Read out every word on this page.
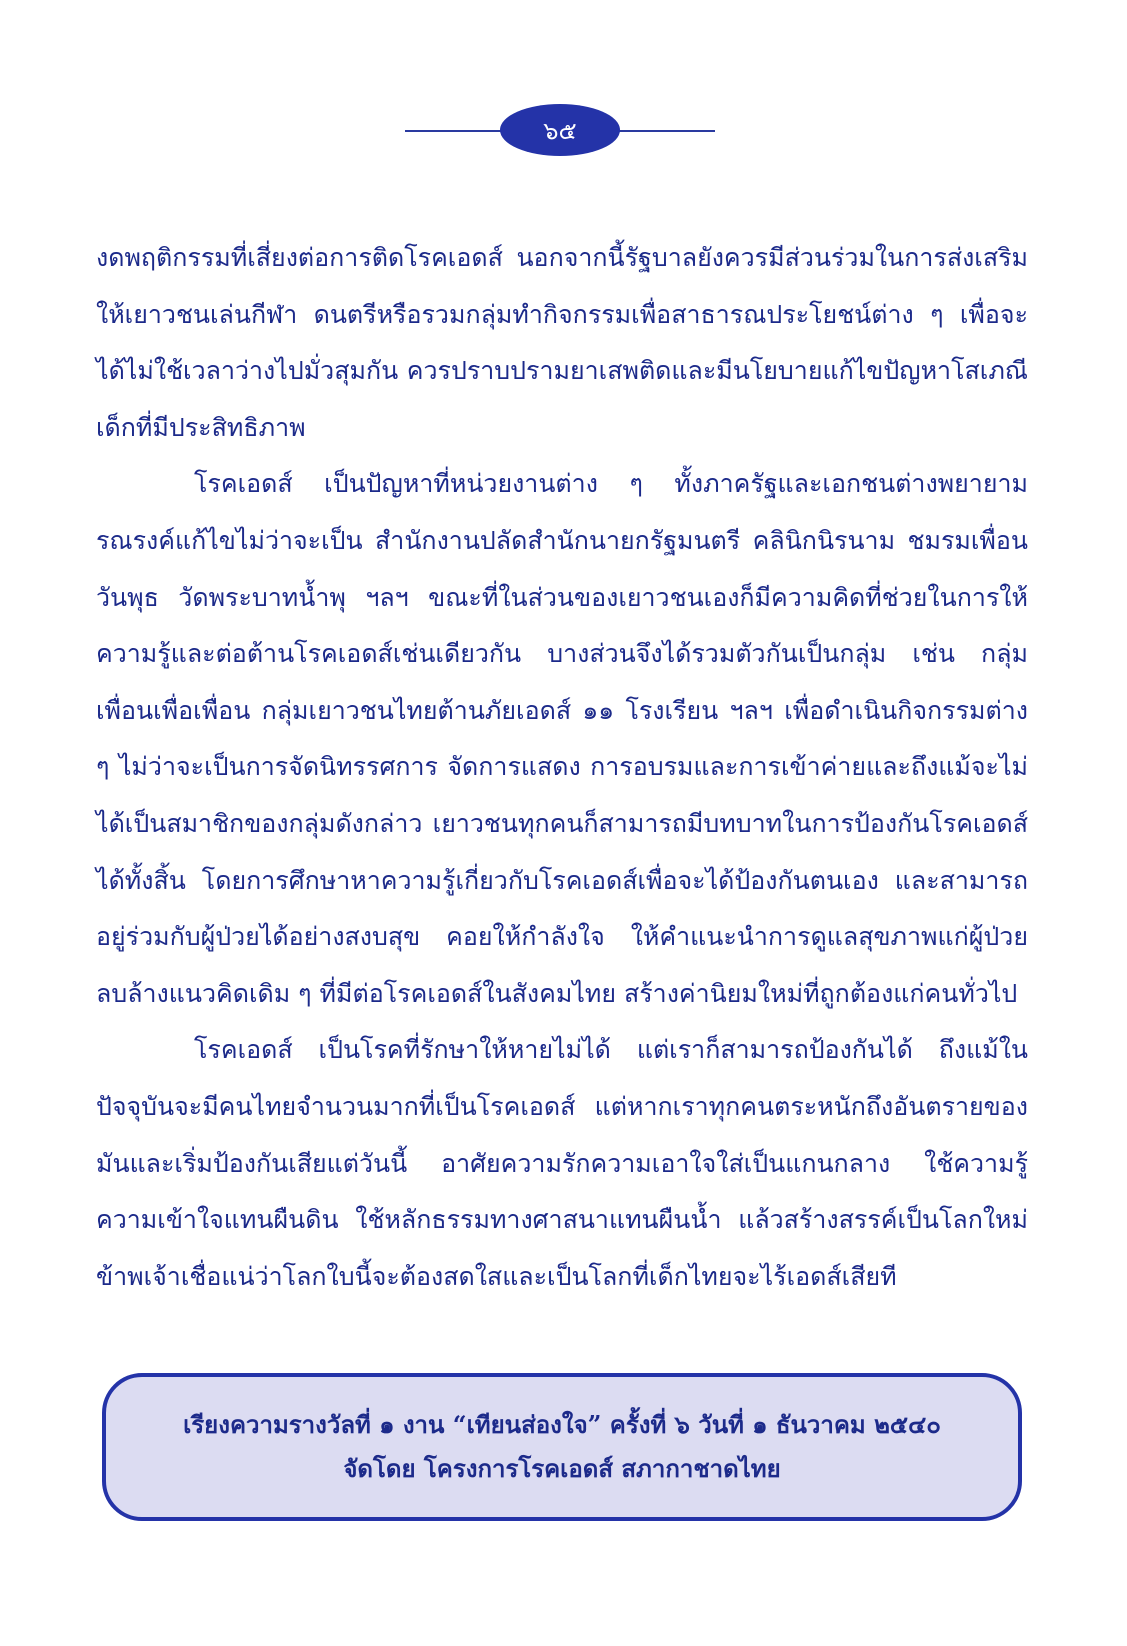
๖๕

งดพฤติกรรมที่เสี่ยงต่อการติดโรคเอดส์ นอกจากนี้รัฐบาลยังควรมีส่วนร่วมในการส่งเสริมให้เยาวชนเล่นกีฬา ดนตรีหรือรวมกลุ่มทำกิจกรรมเพื่อสาธารณประโยชน์ต่าง ๆ เพื่อจะได้ไม่ใช้เวลาว่างไปมั่วสุมกัน ควรปราบปรามยาเสพติดและมีนโยบายแก้ไขปัญหาโสเภณีเด็กที่มีประสิทธิภาพ

โรคเอดส์ เป็นปัญหาที่หน่วยงานต่าง ๆ ทั้งภาครัฐและเอกชนต่างพยายามรณรงค์แก้ไขไม่ว่าจะเป็น สำนักงานปลัดสำนักนายกรัฐมนตรี คลินิกนิรนาม ชมรมเพื่อนวันพุธ วัดพระบาทน้ำพุ ฯลฯ ขณะที่ในส่วนของเยาวชนเองก็มีความคิดที่ช่วยในการให้ความรู้และต่อต้านโรคเอดส์เช่นเดียวกัน บางส่วนจึงได้รวมตัวกันเป็นกลุ่ม เช่น กลุ่มเพื่อนเพื่อเพื่อน กลุ่มเยาวชนไทยต้านภัยเอดส์ ๑๑ โรงเรียน ฯลฯ เพื่อดำเนินกิจกรรมต่าง ๆ ไม่ว่าจะเป็นการจัดนิทรรศการ จัดการแสดง การอบรมและการเข้าค่ายและถึงแม้จะไม่ได้เป็นสมาชิกของกลุ่มดังกล่าว เยาวชนทุกคนก็สามารถมีบทบาทในการป้องกันโรคเอดส์ได้ทั้งสิ้น โดยการศึกษาหาความรู้เกี่ยวกับโรคเอดส์เพื่อจะได้ป้องกันตนเอง และสามารถอยู่ร่วมกับผู้ป่วยได้อย่างสงบสุข คอยให้กำลังใจ ให้คำแนะนำการดูแลสุขภาพแก่ผู้ป่วย ลบล้างแนวคิดเดิม ๆ ที่มีต่อโรคเอดส์ในสังคมไทย สร้างค่านิยมใหม่ที่ถูกต้องแก่คนทั่วไป

โรคเอดส์ เป็นโรคที่รักษาให้หายไม่ได้ แต่เราก็สามารถป้องกันได้ ถึงแม้ในปัจจุบันจะมีคนไทยจำนวนมากที่เป็นโรคเอดส์ แต่หากเราทุกคนตระหนักถึงอันตรายของมันและเริ่มป้องกันเสียแต่วันนี้ อาศัยความรักความเอาใจใส่เป็นแกนกลาง ใช้ความรู้ความเข้าใจแทนผืนดิน ใช้หลักธรรมทางศาสนาแทนผืนน้ำ แล้วสร้างสรรค์เป็นโลกใหม่ ข้าพเจ้าเชื่อแน่ว่าโลกใบนี้จะต้องสดใสและเป็นโลกที่เด็กไทยจะไร้เอดส์เสียที

เรียงความรางวัลที่ ๑ งาน “เทียนส่องใจ” ครั้งที่ ๖ วันที่ ๑ ธันวาคม ๒๕๔๐
จัดโดย โครงการโรคเอดส์ สภากาชาดไทย
